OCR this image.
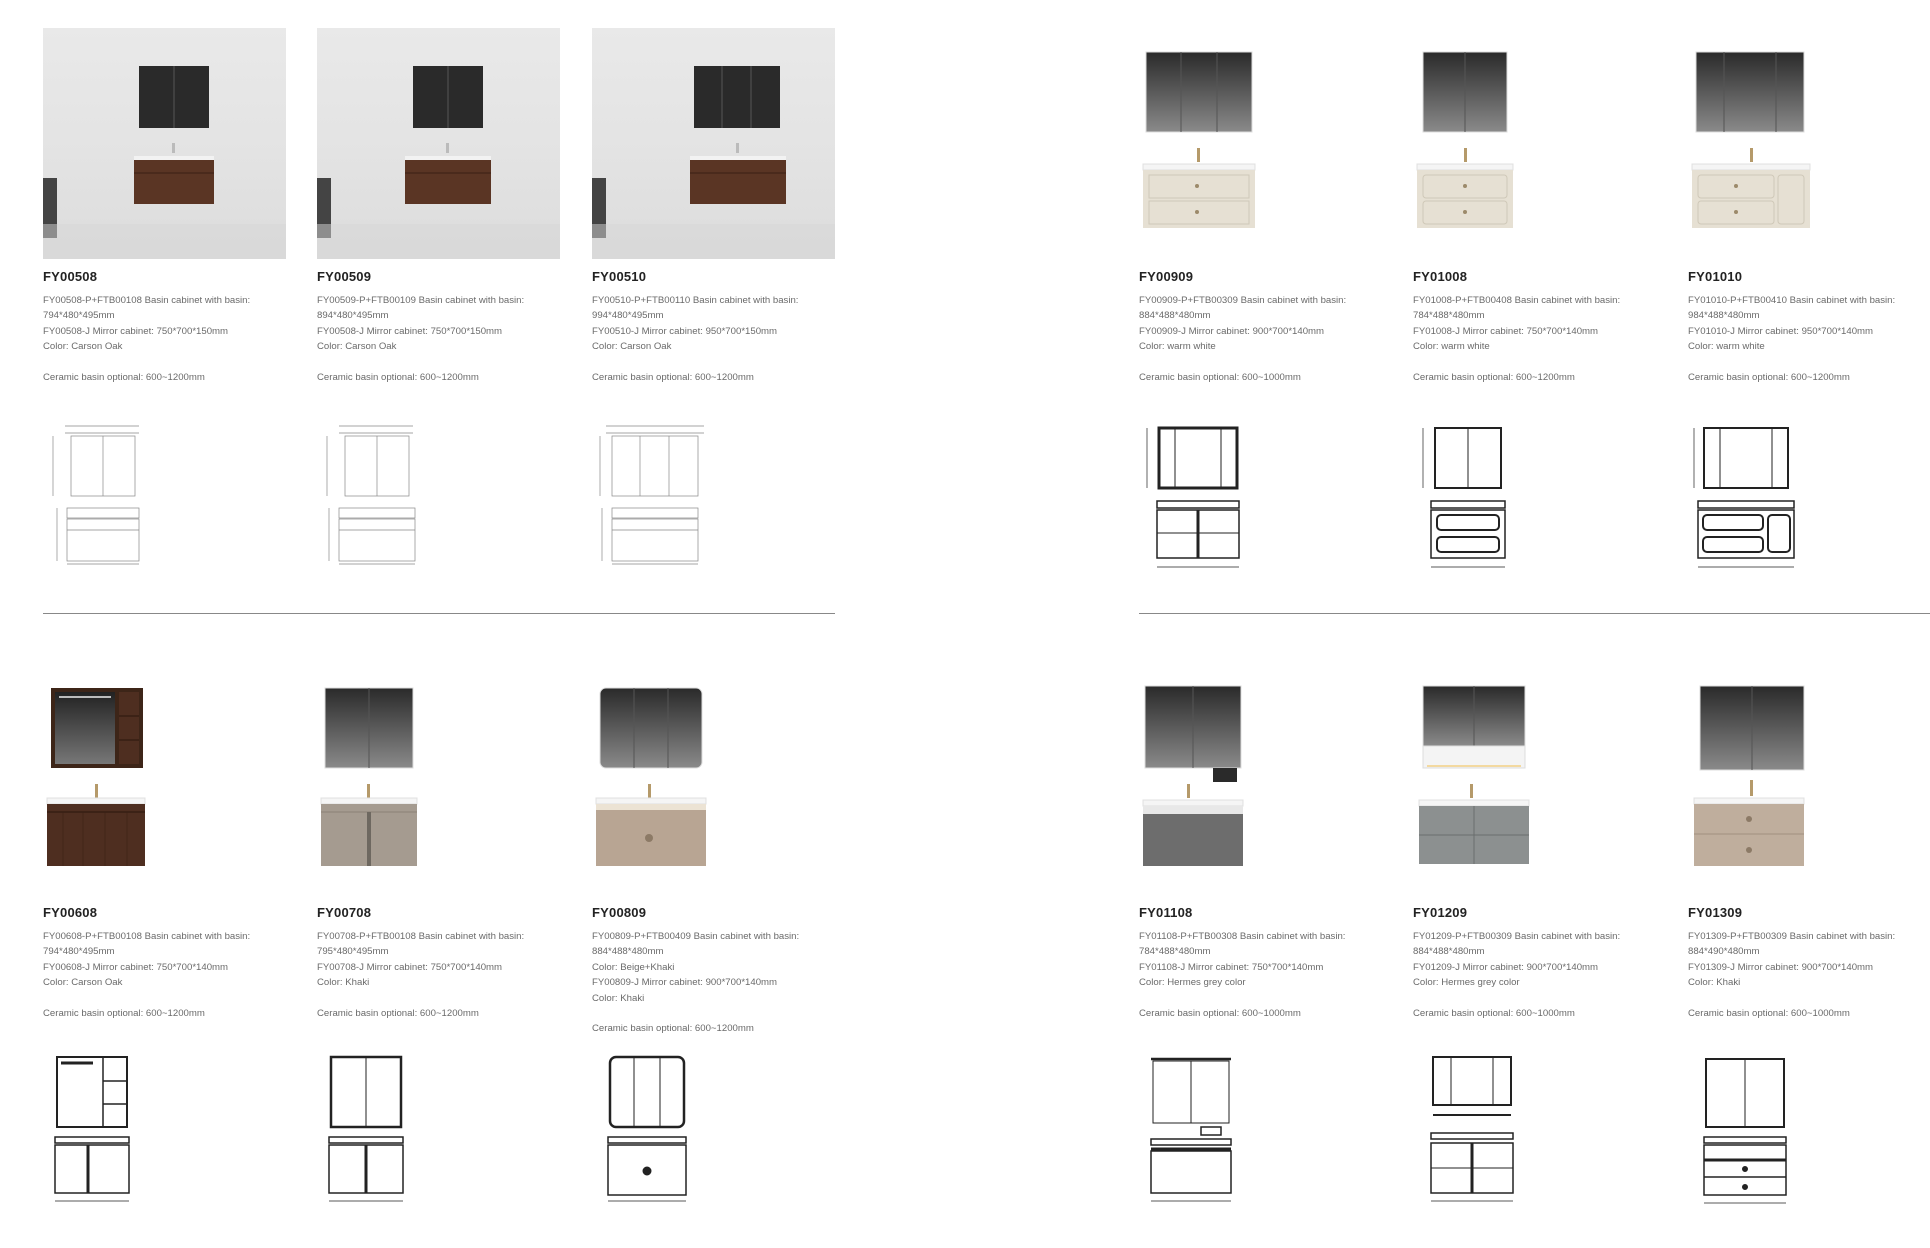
FY00508
FY00508-P+FTB00108 Basin cabinet with basin:
794*480*495mm
FY00508-J Mirror cabinet: 750*700*150mm
Color: Carson Oak
Ceramic basin optional: 600~1200mm
FY00509
FY00509-P+FTB00109 Basin cabinet with basin:
894*480*495mm
FY00508-J Mirror cabinet: 750*700*150mm
Color: Carson Oak
Ceramic basin optional: 600~1200mm
FY00510
FY00510-P+FTB00110 Basin cabinet with basin:
994*480*495mm
FY00510-J Mirror cabinet: 950*700*150mm
Color: Carson Oak
Ceramic basin optional: 600~1200mm
FY00909
FY00909-P+FTB00309 Basin cabinet with basin:
884*488*480mm
FY00909-J Mirror cabinet: 900*700*140mm
Color: warm white
Ceramic basin optional: 600~1000mm
FY01008
FY01008-P+FTB00408 Basin cabinet with basin:
784*488*480mm
FY01008-J Mirror cabinet: 750*700*140mm
Color: warm white
Ceramic basin optional: 600~1200mm
FY01010
FY01010-P+FTB00410 Basin cabinet with basin:
984*488*480mm
FY01010-J Mirror cabinet: 950*700*140mm
Color: warm white
Ceramic basin optional: 600~1200mm
FY00608
FY00608-P+FTB00108 Basin cabinet with basin:
794*480*495mm
FY00608-J Mirror cabinet: 750*700*140mm
Color: Carson Oak
Ceramic basin optional: 600~1200mm
FY00708
FY00708-P+FTB00108 Basin cabinet with basin:
795*480*495mm
FY00708-J Mirror cabinet: 750*700*140mm
Color: Khaki
Ceramic basin optional: 600~1200mm
FY00809
FY00809-P+FTB00409 Basin cabinet with basin:
884*488*480mm
Color: Beige+Khaki
FY00809-J Mirror cabinet: 900*700*140mm
Color: Khaki
Ceramic basin optional: 600~1200mm
FY01108
FY01108-P+FTB00308 Basin cabinet with basin:
784*488*480mm
FY01108-J Mirror cabinet: 750*700*140mm
Color: Hermes grey color
Ceramic basin optional: 600~1000mm
FY01209
FY01209-P+FTB00309 Basin cabinet with basin:
884*488*480mm
FY01209-J Mirror cabinet: 900*700*140mm
Color: Hermes grey color
Ceramic basin optional: 600~1000mm
FY01309
FY01309-P+FTB00309 Basin cabinet with basin:
884*490*480mm
FY01309-J Mirror cabinet: 900*700*140mm
Color: Khaki
Ceramic basin optional: 600~1000mm
